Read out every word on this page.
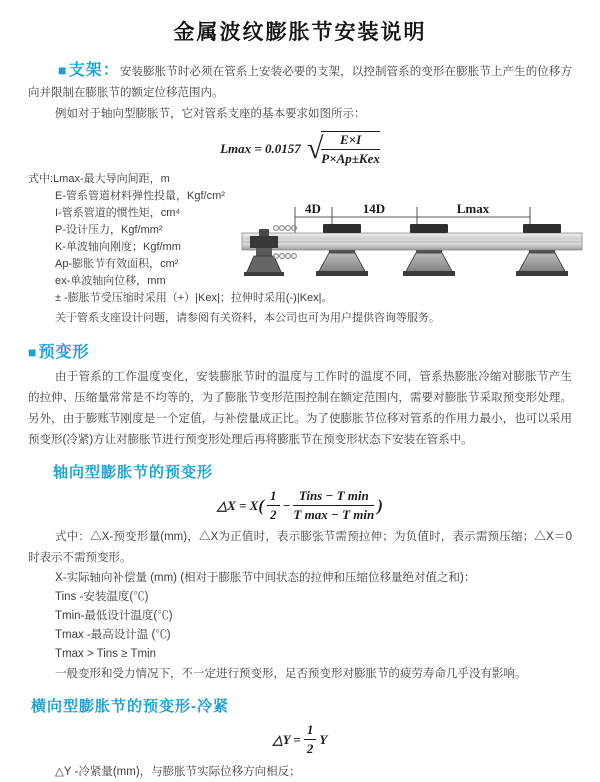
金属波纹膨胀节安装说明

■支架：安装膨胀节时必须在管系上安装必要的支架，以控制管系的变形在膨胀节上产生的位移方向并限制在膨胀节的额定位移范围内。

例如对于轴向型膨胀节，它对管系支座的基本要求如图所示：

Lmax = 0.0157 √
$\frac{E\times I}{\text{P×Ap±Kex}}$
式中:Lmax-最大导向间距，m
E-管系管道材料弹性投量，Kgf/cm²
I-管系管道的惯性矩，cm⁴
P-设计压力，Kgf/mm²
K-单波轴向刚度；Kgf/mm
Ap-膨胀节有效面积，cm²
ex-单波轴向位移，mm
± -膨胀节受压缩时采用（+）|Kex|；拉伸时采用(-)|Kex|。
4D	14D	Lmax

关于管系支座设计问题，请参阅有关资料，本公司也可为用户提供咨询等服务。

■预变形

由于管系的工作温度变化，安装膨胀节时的温度与工作时的温度不同，管系热膨胀冷缩对膨胀节产生的拉伸、压缩量常常是不均等的，为了膨胀节变形范围控制在额定范围内，需要对膨胀节采取预变形处理。另外，由于膨账节刚度是一个定值，与补偿量成正比。为了使膨胀节位移对管系的作用力最小，也可以采用预变形(冷紧)方让对膨胀节进行预变形处理后再将膨胀节在预变形状态下安装在管系中。

轴向型膨胀节的预变形
△X = X ( $\frac{1}{2} - \frac{\text{Tins − T min}}{\text{T max − T min}}$ )

式中：△X-预变形量(mm)，△X为正值时，表示膨张节需预拉伸；为负值时，表示需预压缩；△X＝0时表示不需预变形。

X-实际轴向补偿量 (mm) (相对于膨胀节中间状态的拉伸和压缩位移量绝对值之和)：
Tins -安装温度(℃)
Tmin-最低设计温度(℃)
Tmax -最高设计温 (℃)
Tmax > Tins ≥ Tmin

一般变形和受力情况下，不一定进行预变形，足否预变形对膨胀节的疲劳寿命几乎没有影响。

横向型膨胀节的预变形-冷紧
△Y = $\frac{1}{2}$ Y

△Y -冷紧量(mm)，与膨胀节实际位移方向相反；
